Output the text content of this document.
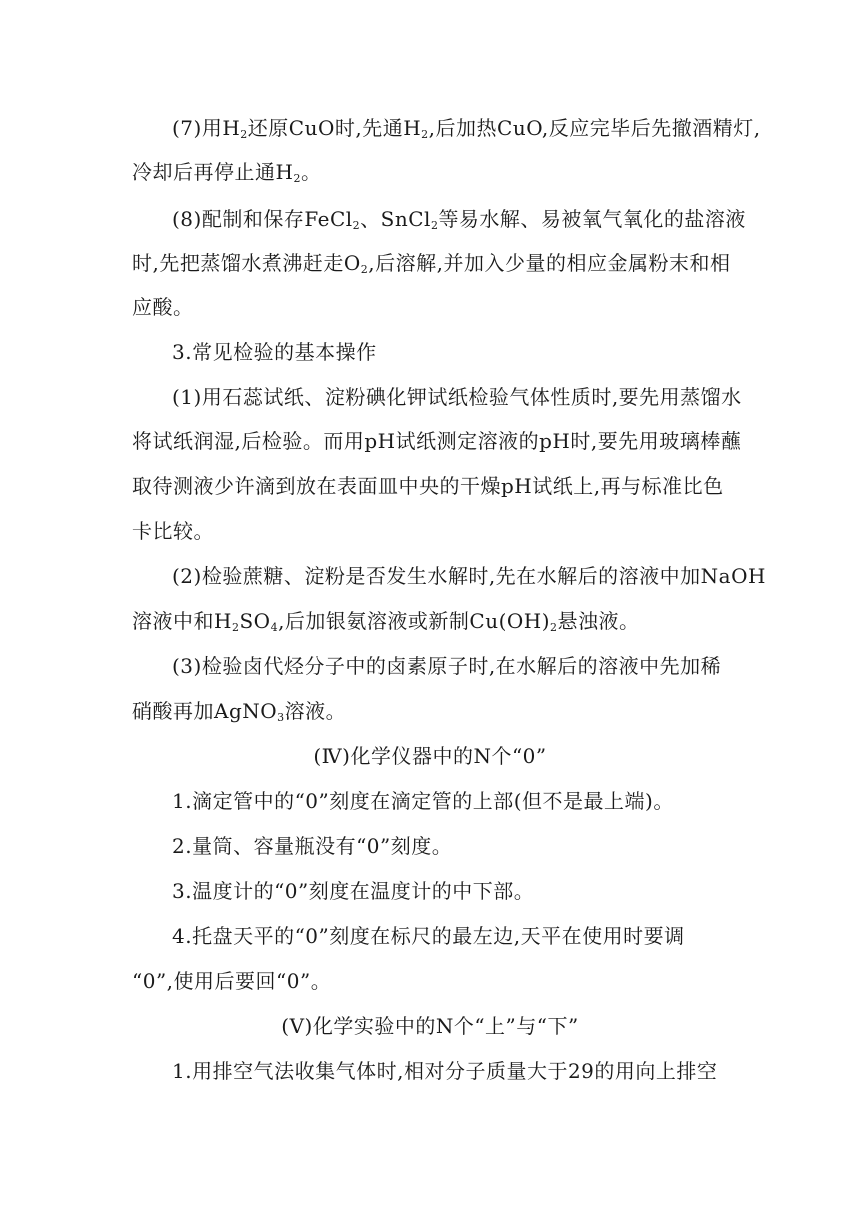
(7)用$H_2$还原CuO时,先通$H_2$,后加热CuO,反应完毕后先撤酒精灯,
冷却后再停止通$H_2$。
(8)配制和保存FeCl$_2$、SnCl$_2$等易水解、易被氧气氧化的盐溶液
时,先把蒸馏水煮沸赶走$O_2$,后溶解,并加入少量的相应金属粉末和相
应酸。
3.常见检验的基本操作
(1)用石蕊试纸、淀粉碘化钾试纸检验气体性质时,要先用蒸馏水
将试纸润湿,后检验。而用pH试纸测定溶液的pH时,要先用玻璃棒蘸
取待测液少许滴到放在表面皿中央的干燥pH试纸上,再与标准比色
卡比较。
(2)检验蔗糖、淀粉是否发生水解时,先在水解后的溶液中加NaOH
溶液中和$H_2SO_4$,后加银氨溶液或新制$Cu(OH)_2$悬浊液。
(3)检验卤代烃分子中的卤素原子时,在水解后的溶液中先加稀
硝酸再加AgNO$_3$溶液。
(Ⅳ)化学仪器中的N个“0”
1.滴定管中的“0”刻度在滴定管的上部(但不是最上端)。
2.量筒、容量瓶没有“0”刻度。
3.温度计的“0”刻度在温度计的中下部。
4.托盘天平的“0”刻度在标尺的最左边,天平在使用时要调
“0”,使用后要回“0”。
(Ⅴ)化学实验中的N个“上”与“下”
1.用排空气法收集气体时,相对分子质量大于29的用向上排空
